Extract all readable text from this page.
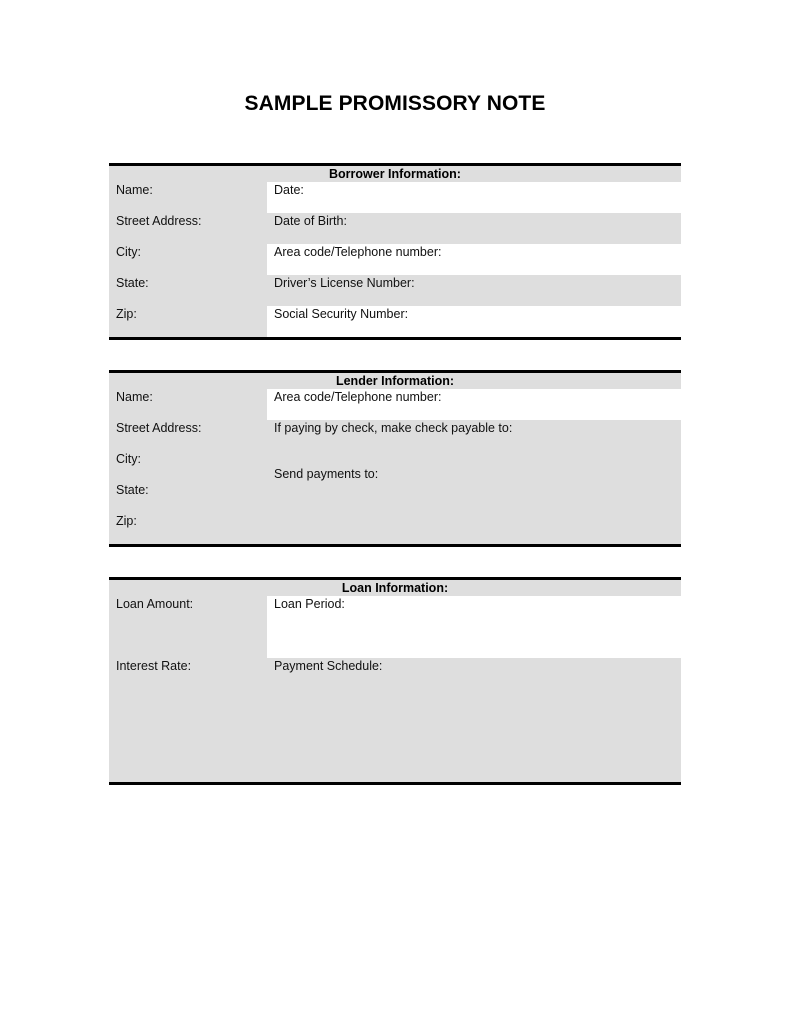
SAMPLE PROMISSORY NOTE
Borrower Information:
Date:
Date of Birth:
Area code/Telephone number:
Driver’s License Number:
Social Security Number:
Name:
Street Address:
City:
State:
Zip:
Lender Information:
Area code/Telephone number:
If paying by check, make check payable to:
Send payments to:
Name:
Street Address:
City:
State:
Zip:
Loan Information:
Loan Period:
Payment Schedule:
Loan Amount:
Interest Rate:
